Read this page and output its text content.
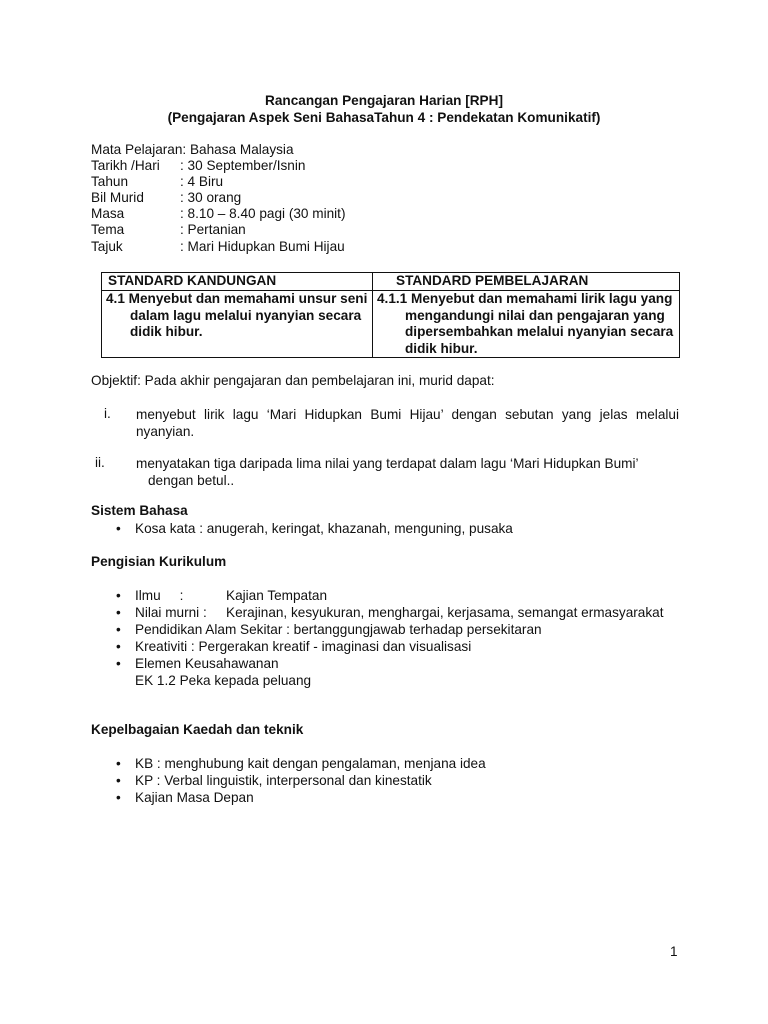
Rancangan Pengajaran Harian [RPH]
(Pengajaran Aspek Seni BahasaTahun 4 : Pendekatan Komunikatif)
Mata Pelajaran: Bahasa Malaysia
Tarikh /Hari : 30 September/Isnin
Tahun	: 4 Biru
Bil Murid	: 30 orang
Masa	: 8.10 – 8.40 pagi (30 minit)
Tema	: Pertanian
Tajuk	: Mari Hidupkan Bumi Hijau
STANDARD KANDUNGAN	STANDARD PEMBELAJARAN

4.1 Menyebut dan memahami unsur seni dalam lagu melalui nyanyian secara didik hibur.	4.1.1 Menyebut dan memahami lirik lagu yang mengandungi nilai dan pengajaran yang dipersembahkan melalui nyanyian secara didik hibur.
Objektif: Pada akhir pengajaran dan pembelajaran ini, murid dapat:
i. menyebut lirik lagu ‘Mari Hidupkan Bumi Hijau’ dengan sebutan yang jelas melalui
nyanyian.
ii. menyatakan tiga daripada lima nilai yang terdapat dalam lagu ‘Mari Hidupkan Bumi’
dengan betul..
Sistem Bahasa
• Kosa kata : anugerah, keringat, khazanah, menguning, pusaka
Pengisian Kurikulum
• Ilmu     :	Kajian Tempatan
• Nilai murni : Kerajinan, kesyukuran, menghargai, kerjasama, semangat ermasyarakat
• Pendidikan Alam Sekitar : bertanggungjawab terhadap persekitaran
• Kreativiti : Pergerakan kreatif - imaginasi dan visualisasi
• Elemen Keusahawanan
EK 1.2 Peka kepada peluang
Kepelbagaian Kaedah dan teknik
• KB : menghubung kait dengan pengalaman, menjana idea
• KP : Verbal linguistik, interpersonal dan kinestatik
• Kajian Masa Depan
1
